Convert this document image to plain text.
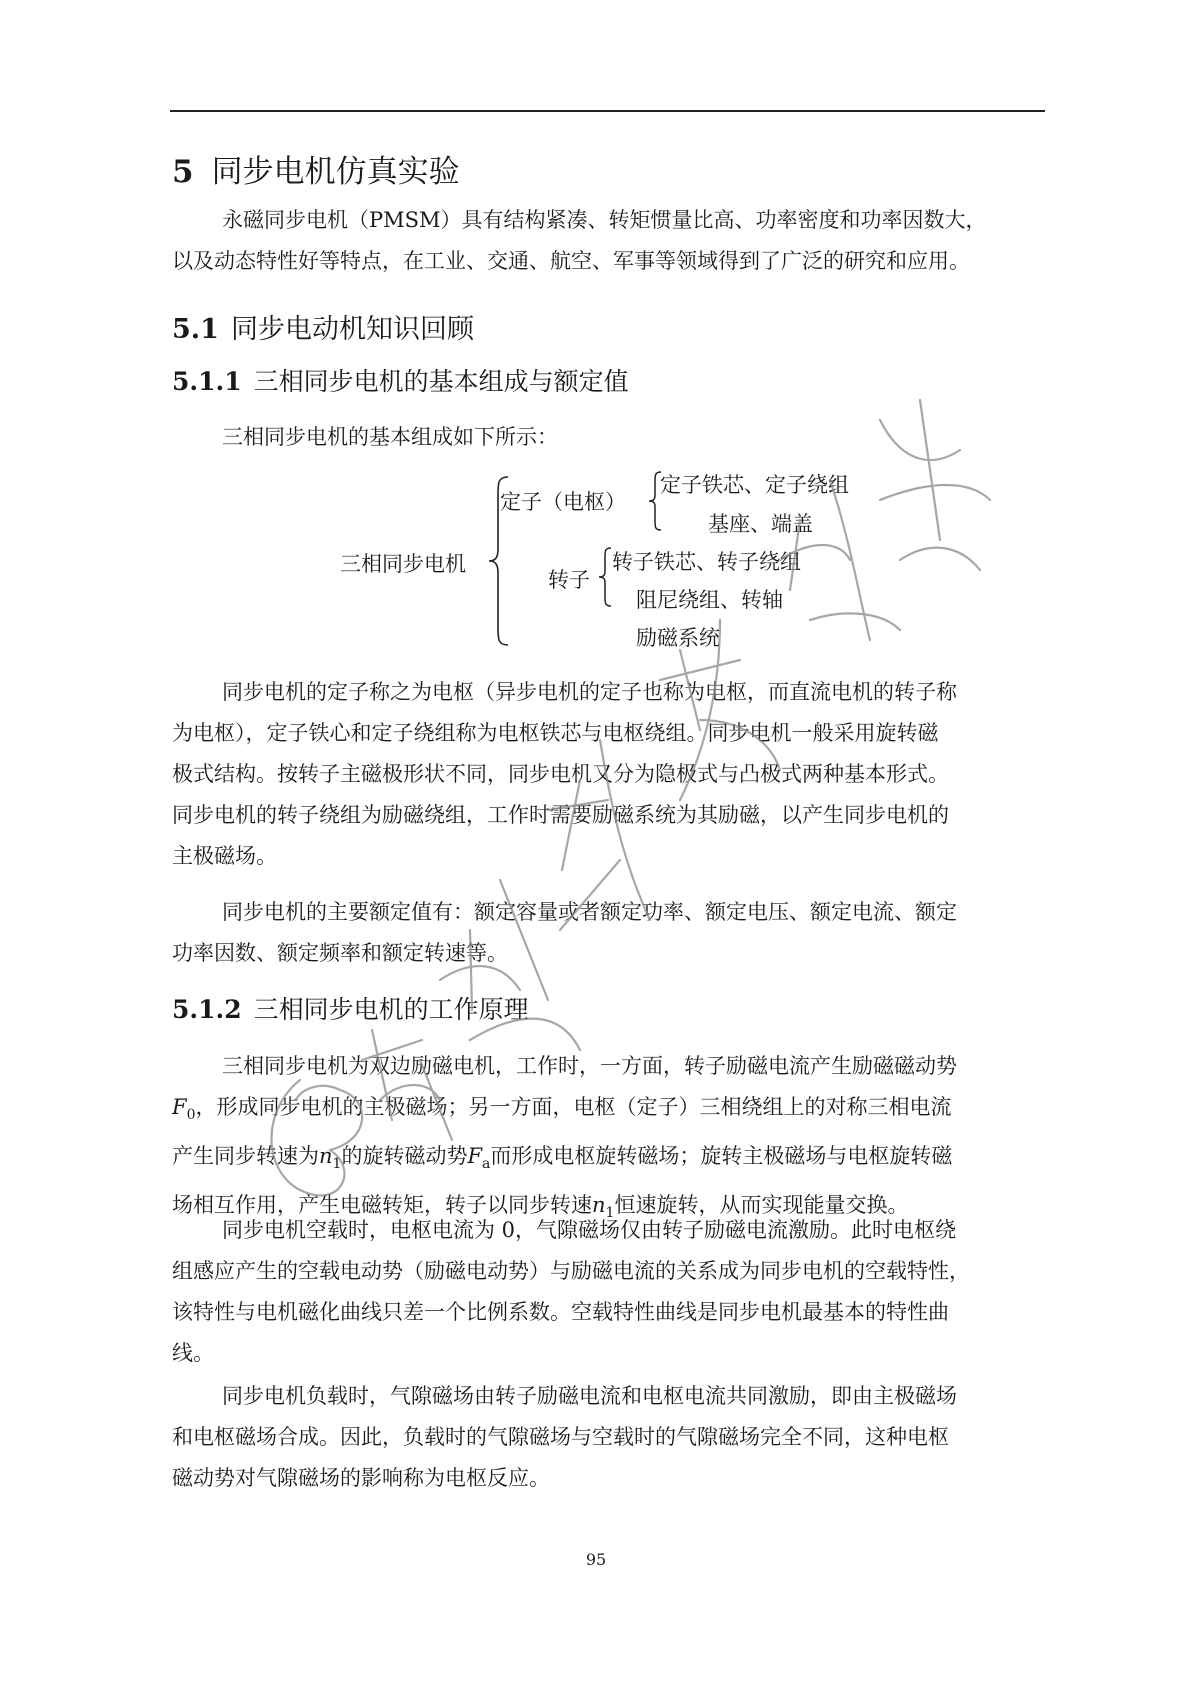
5 同步电机仿真实验
永磁同步电机（PMSM）具有结构紧凑、转矩惯量比高、功率密度和功率因数大，
以及动态特性好等特点，在工业、交通、航空、军事等领域得到了广泛的研究和应用。
5.1 同步电动机知识回顾
5.1.1 三相同步电机的基本组成与额定值
三相同步电机的基本组成如下所示：
三相同步电机
定子（电枢）
定子铁芯、定子绕组
基座、端盖
转子
转子铁芯、转子绕组
阻尼绕组、转轴
励磁系统
同步电机的定子称之为电枢（异步电机的定子也称为电枢，而直流电机的转子称
为电枢），定子铁心和定子绕组称为电枢铁芯与电枢绕组。同步电机一般采用旋转磁
极式结构。按转子主磁极形状不同，同步电机又分为隐极式与凸极式两种基本形式。
同步电机的转子绕组为励磁绕组，工作时需要励磁系统为其励磁，以产生同步电机的
主极磁场。
同步电机的主要额定值有：额定容量或者额定功率、额定电压、额定电流、额定
功率因数、额定频率和额定转速等。
5.1.2 三相同步电机的工作原理
三相同步电机为双边励磁电机，工作时，一方面，转子励磁电流产生励磁磁动势
$F_0$，形成同步电机的主极磁场；另一方面，电枢（定子）三相绕组上的对称三相电流
产生同步转速为$n_1$的旋转磁动势$F_a$而形成电枢旋转磁场；旋转主极磁场与电枢旋转磁
场相互作用，产生电磁转矩，转子以同步转速$n_1$恒速旋转，从而实现能量交换。
同步电机空载时，电枢电流为 0，气隙磁场仅由转子励磁电流激励。此时电枢绕
组感应产生的空载电动势（励磁电动势）与励磁电流的关系成为同步电机的空载特性，
该特性与电机磁化曲线只差一个比例系数。空载特性曲线是同步电机最基本的特性曲
线。
同步电机负载时，气隙磁场由转子励磁电流和电枢电流共同激励，即由主极磁场
和电枢磁场合成。因此，负载时的气隙磁场与空载时的气隙磁场完全不同，这种电枢
磁动势对气隙磁场的影响称为电枢反应。
95
